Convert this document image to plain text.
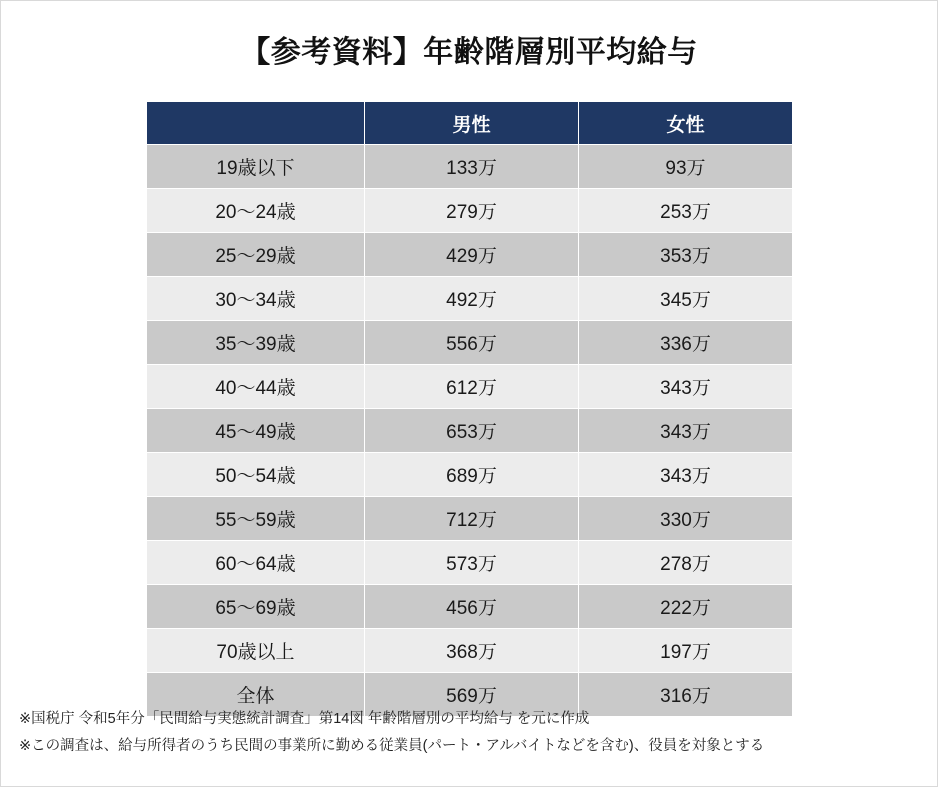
【参考資料】年齢階層別平均給与
	男性	女性
19歳以下	133万	93万
20〜24歳	279万	253万
25〜29歳	429万	353万
30〜34歳	492万	345万
35〜39歳	556万	336万
40〜44歳	612万	343万
45〜49歳	653万	343万
50〜54歳	689万	343万
55〜59歳	712万	330万
60〜64歳	573万	278万
65〜69歳	456万	222万
70歳以上	368万	197万
全体	569万	316万
※国税庁 令和5年分「民間給与実態統計調査」第14図 年齢階層別の平均給与 を元に作成
※この調査は、給与所得者のうち民間の事業所に勤める従業員(パート・アルバイトなどを含む)、役員を対象とする
